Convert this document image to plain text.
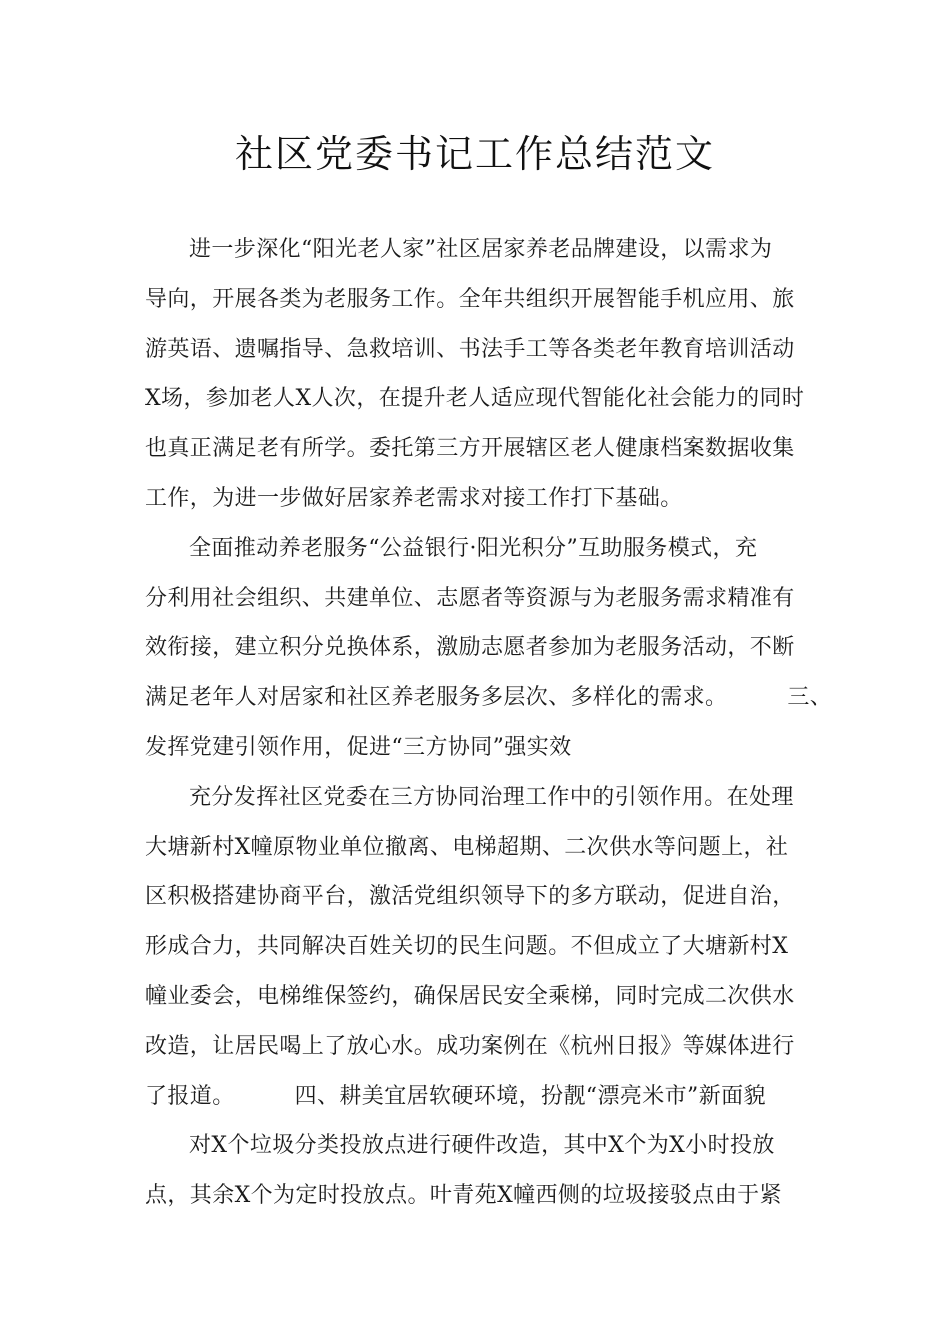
社区党委书记工作总结范文
进一步深化“阳光老人家”社区居家养老品牌建设，以需求为
导向，开展各类为老服务工作。全年共组织开展智能手机应用、旅
游英语、遗嘱指导、急救培训、书法手工等各类老年教育培训活动
X场，参加老人X人次，在提升老人适应现代智能化社会能力的同时
也真正满足老有所学。委托第三方开展辖区老人健康档案数据收集
工作，为进一步做好居家养老需求对接工作打下基础。
全面推动养老服务“公益银行·阳光积分”互助服务模式，充
分利用社会组织、共建单位、志愿者等资源与为老服务需求精准有
效衔接，建立积分兑换体系，激励志愿者参加为老服务活动，不断
满足老年人对居家和社区养老服务多层次、多样化的需求。	三、
发挥党建引领作用，促进“三方协同”强实效
充分发挥社区党委在三方协同治理工作中的引领作用。在处理
大塘新村X幢原物业单位撤离、电梯超期、二次供水等问题上，社
区积极搭建协商平台，激活党组织领导下的多方联动，促进自治，
形成合力，共同解决百姓关切的民生问题。不但成立了大塘新村X
幢业委会，电梯维保签约，确保居民安全乘梯，同时完成二次供水
改造，让居民喝上了放心水。成功案例在《杭州日报》等媒体进行
了报道。	四、耕美宜居软硬环境，扮靓“漂亮米市”新面貌
对X个垃圾分类投放点进行硬件改造，其中X个为X小时投放
点，其余X个为定时投放点。叶青苑X幢西侧的垃圾接驳点由于紧
